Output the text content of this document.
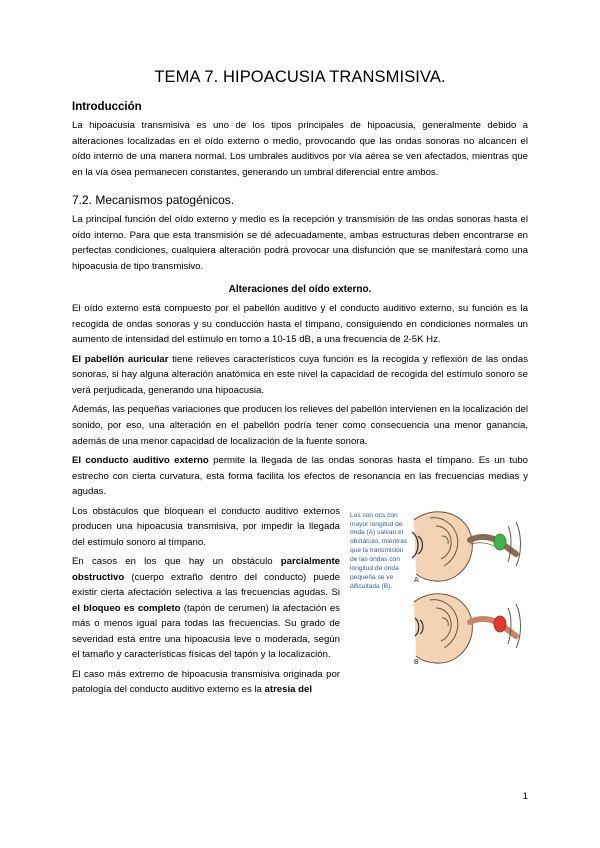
TEMA 7. HIPOACUSIA TRANSMISIVA.
Introducción

La hipoacusia transmisiva es uno de los tipos principales de hipoacusia, generalmente debido a alteraciones localizadas en el oído externo o medio, provocando que las ondas sonoras no alcancen el oído interno de una manera normal. Los umbrales auditivos por vía aérea se ven afectados, mientras que en la vía ósea permanecen constantes, generando un umbral diferencial entre ambos.

7.2. Mecanismos patogénicos.

La principal función del oído externo y medio es la recepción y transmisión de las ondas sonoras hasta el oído interno. Para que esta transmisión se dé adecuadamente, ambas estructuras deben encontrarse en perfectas condiciones, cualquiera alteración podrá provocar una disfunción que se manifestará como una hipoacusia de tipo transmisivo.

Alteraciones del oído externo.

El oído externo está compuesto por el pabellón auditivo y el conducto auditivo externo, su función es la recogida de ondas sonoras y su conducción hasta el tímpano, consiguiendo en condiciones normales un aumento de intensidad del estímulo en torno a 10-15 dB, a una frecuencia de 2-5K Hz.

El pabellón auricular tiene relieves característicos cuya función es la recogida y reflexión de las ondas sonoras, si hay alguna alteración anatómica en este nivel la capacidad de recogida del estímulo sonoro se verá perjudicada, generando una hipoacusia.

Además, las pequeñas variaciones que producen los relieves del pabellón intervienen en la localización del sonido, por eso, una alteración en el pabellón podría tener como consecuencia una menor ganancia, además de una menor capacidad de localización de la fuente sonora.

El conducto auditivo externo permite la llegada de las ondas sonoras hasta el tímpano. Es un tubo estrecho con cierta curvatura, esta forma facilita los efectos de resonancia en las frecuencias medias y agudas.

Los son ocs con mayor longitud de onda (A) salvan el obstáculo, mientras que la transmisión de las ondas con longitud de onda pequeña se ve dificultada (B).
A
B

Los obstáculos que bloquean el conducto auditivo externos producen una hipoacusia transmisiva, por impedir la llegada del estímulo sonoro al tímpano.

En casos en los que hay un obstáculo parcialmente obstructivo (cuerpo extraño dentro del conducto) puede existir cierta afectación selectiva a las frecuencias agudas. Si el bloqueo es completo (tapón de cerumen) la afectación es más o menos igual para todas las frecuencias. Su grado de severidad está entre una hipoacusia leve o moderada, según el tamaño y características físicas del tapón y la localización.

El caso más extremo de hipoacusia transmisiva originada por patología del conducto auditivo externo es la atresia del

1
